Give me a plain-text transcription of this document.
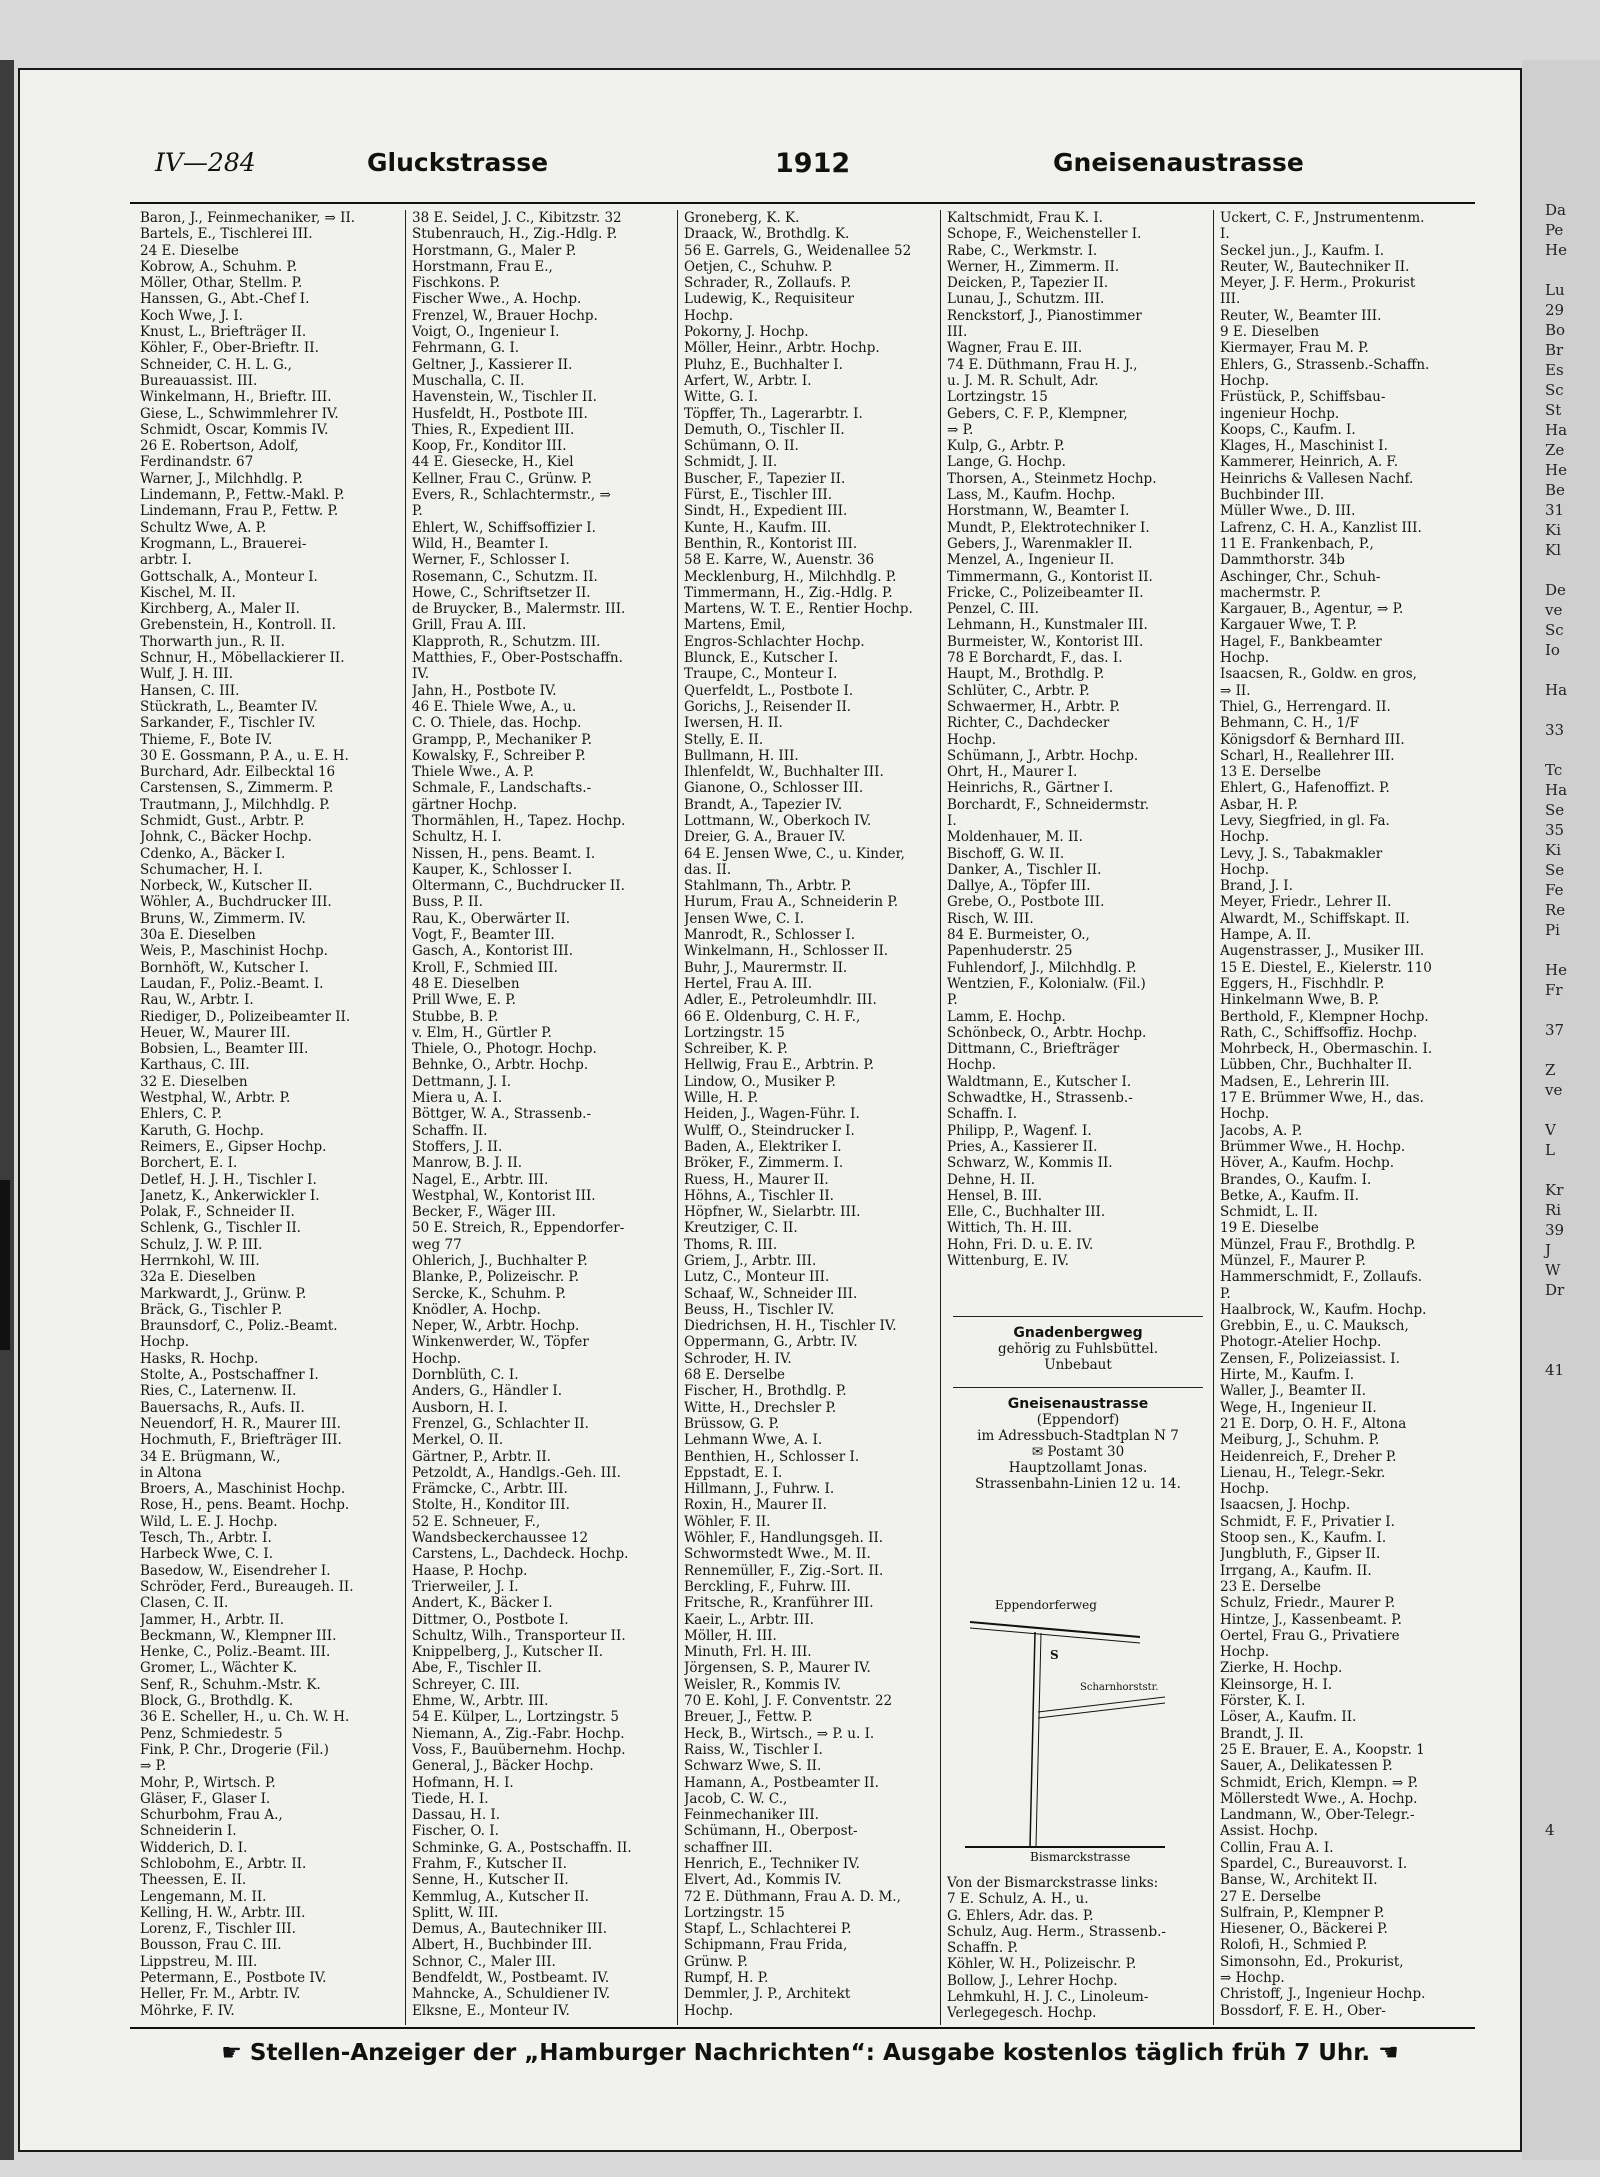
Da
Pe
He
Lu
29
Bo
Br
Es
Sc
St
Ha
Ze
He
Be
31
Ki
Kl
De
ve
Sc
Io
Ha
33
Tc
Ha
Se
35
Ki
Se
Fe
Re
Pi
He
Fr
37
Z
ve
V
L
Kr
Ri
39
J
W
Dr
41
4
IV—284	Gluckstrasse	1912	Gneisenaustrasse
Baron, J., Feinmechaniker, ⇒ II.
Bartels, E., Tischlerei III.
24 E. Dieselbe
Kobrow, A., Schuhm. P.
Möller, Othar, Stellm. P.
Hanssen, G., Abt.-Chef I.
Koch Wwe, J. I.
Knust, L., Briefträger II.
Köhler, F., Ober-Brieftr. II.
Schneider, C. H. L. G.,
Bureauassist. III.
Winkelmann, H., Brieftr. III.
Giese, L., Schwimmlehrer IV.
Schmidt, Oscar, Kommis IV.
26 E. Robertson, Adolf,
Ferdinandstr. 67
Warner, J., Milchhdlg. P.
Lindemann, P., Fettw.-Makl. P.
Lindemann, Frau P., Fettw. P.
Schultz Wwe, A. P.
Krogmann, L., Brauerei-
arbtr. I.
Gottschalk, A., Monteur I.
Kischel, M. II.
Kirchberg, A., Maler II.
Grebenstein, H., Kontroll. II.
Thorwarth jun., R. II.
Schnur, H., Möbellackierer II.
Wulf, J. H. III.
Hansen, C. III.
Stückrath, L., Beamter IV.
Sarkander, F., Tischler IV.
Thieme, F., Bote IV.
30 E. Gossmann, P. A., u. E. H.
Burchard, Adr. Eilbecktal 16
Carstensen, S., Zimmerm. P.
Trautmann, J., Milchhdlg. P.
Schmidt, Gust., Arbtr. P.
Johnk, C., Bäcker Hochp.
Cdenko, A., Bäcker I.
Schumacher, H. I.
Norbeck, W., Kutscher II.
Wöhler, A., Buchdrucker III.
Bruns, W., Zimmerm. IV.
30a E. Dieselben
Weis, P., Maschinist Hochp.
Bornhöft, W., Kutscher I.
Laudan, F., Poliz.-Beamt. I.
Rau, W., Arbtr. I.
Riediger, D., Polizeibeamter II.
Heuer, W., Maurer III.
Bobsien, L., Beamter III.
Karthaus, C. III.
32 E. Dieselben
Westphal, W., Arbtr. P.
Ehlers, C. P.
Karuth, G. Hochp.
Reimers, E., Gipser Hochp.
Borchert, E. I.
Detlef, H. J. H., Tischler I.
Janetz, K., Ankerwickler I.
Polak, F., Schneider II.
Schlenk, G., Tischler II.
Schulz, J. W. P. III.
Herrnkohl, W. III.
32a E. Dieselben
Markwardt, J., Grünw. P.
Bräck, G., Tischler P.
Braunsdorf, C., Poliz.-Beamt.
Hochp.
Hasks, R. Hochp.
Stolte, A., Postschaffner I.
Ries, C., Laternenw. II.
Bauersachs, R., Aufs. II.
Neuendorf, H. R., Maurer III.
Hochmuth, F., Briefträger III.
34 E. Brügmann, W.,
in Altona
Broers, A., Maschinist Hochp.
Rose, H., pens. Beamt. Hochp.
Wild, L. E. J. Hochp.
Tesch, Th., Arbtr. I.
Harbeck Wwe, C. I.
Basedow, W., Eisendreher I.
Schröder, Ferd., Bureaugeh. II.
Clasen, C. II.
Jammer, H., Arbtr. II.
Beckmann, W., Klempner III.
Henke, C., Poliz.-Beamt. III.
Gromer, L., Wächter K.
Senf, R., Schuhm.-Mstr. K.
Block, G., Brothdlg. K.
36 E. Scheller, H., u. Ch. W. H.
Penz, Schmiedestr. 5
Fink, P. Chr., Drogerie (Fil.)
⇒ P.
Mohr, P., Wirtsch. P.
Gläser, F., Glaser I.
Schurbohm, Frau A.,
Schneiderin I.
Widderich, D. I.
Schlobohm, E., Arbtr. II.
Theessen, E. II.
Lengemann, M. II.
Kelling, H. W., Arbtr. III.
Lorenz, F., Tischler III.
Bousson, Frau C. III.
Lippstreu, M. III.
Petermann, E., Postbote IV.
Heller, Fr. M., Arbtr. IV.
Möhrke, F. IV.
38 E. Seidel, J. C., Kibitzstr. 32
Stubenrauch, H., Zig.-Hdlg. P.
Horstmann, G., Maler P.
Horstmann, Frau E.,
Fischkons. P.
Fischer Wwe., A. Hochp.
Frenzel, W., Brauer Hochp.
Voigt, O., Ingenieur I.
Fehrmann, G. I.
Geltner, J., Kassierer II.
Muschalla, C. II.
Havenstein, W., Tischler II.
Husfeldt, H., Postbote III.
Thies, R., Expedient III.
Koop, Fr., Konditor III.
44 E. Giesecke, H., Kiel
Kellner, Frau C., Grünw. P.
Evers, R., Schlachtermstr., ⇒
P.
Ehlert, W., Schiffsoffizier I.
Wild, H., Beamter I.
Werner, F., Schlosser I.
Rosemann, C., Schutzm. II.
Howe, C., Schriftsetzer II.
de Bruycker, B., Malermstr. III.
Grill, Frau A. III.
Klapproth, R., Schutzm. III.
Matthies, F., Ober-Postschaffn.
IV.
Jahn, H., Postbote IV.
46 E. Thiele Wwe, A., u.
C. O. Thiele, das. Hochp.
Grampp, P., Mechaniker P.
Kowalsky, F., Schreiber P.
Thiele Wwe., A. P.
Schmale, F., Landschafts.-
gärtner Hochp.
Thormählen, H., Tapez. Hochp.
Schultz, H. I.
Nissen, H., pens. Beamt. I.
Kauper, K., Schlosser I.
Oltermann, C., Buchdrucker II.
Buss, P. II.
Rau, K., Oberwärter II.
Vogt, F., Beamter III.
Gasch, A., Kontorist III.
Kroll, F., Schmied III.
48 E. Dieselben
Prill Wwe, E. P.
Stubbe, B. P.
v. Elm, H., Gürtler P.
Thiele, O., Photogr. Hochp.
Behnke, O., Arbtr. Hochp.
Dettmann, J. I.
Miera u, A. I.
Böttger, W. A., Strassenb.-
Schaffn. II.
Stoffers, J. II.
Manrow, B. J. II.
Nagel, E., Arbtr. III.
Westphal, W., Kontorist III.
Becker, F., Wäger III.
50 E. Streich, R., Eppendorfer-
weg 77
Ohlerich, J., Buchhalter P.
Blanke, P., Polizeischr. P.
Sercke, K., Schuhm. P.
Knödler, A. Hochp.
Neper, W., Arbtr. Hochp.
Winkenwerder, W., Töpfer
Hochp.
Dornblüth, C. I.
Anders, G., Händler I.
Ausborn, H. I.
Frenzel, G., Schlachter II.
Merkel, O. II.
Gärtner, P., Arbtr. II.
Petzoldt, A., Handlgs.-Geh. III.
Främcke, C., Arbtr. III.
Stolte, H., Konditor III.
52 E. Schneuer, F.,
Wandsbeckerchaussee 12
Carstens, L., Dachdeck. Hochp.
Haase, P. Hochp.
Trierweiler, J. I.
Andert, K., Bäcker I.
Dittmer, O., Postbote I.
Schultz, Wilh., Transporteur II.
Knippelberg, J., Kutscher II.
Abe, F., Tischler II.
Schreyer, C. III.
Ehme, W., Arbtr. III.
54 E. Külper, L., Lortzingstr. 5
Niemann, A., Zig.-Fabr. Hochp.
Voss, F., Bauübernehm. Hochp.
General, J., Bäcker Hochp.
Hofmann, H. I.
Tiede, H. I.
Dassau, H. I.
Fischer, O. I.
Schminke, G. A., Postschaffn. II.
Frahm, F., Kutscher II.
Senne, H., Kutscher II.
Kemmlug, A., Kutscher II.
Splitt, W. III.
Demus, A., Bautechniker III.
Albert, H., Buchbinder III.
Schnor, C., Maler III.
Bendfeldt, W., Postbeamt. IV.
Mahncke, A., Schuldiener IV.
Elksne, E., Monteur IV.
Groneberg, K. K.
Draack, W., Brothdlg. K.
56 E. Garrels, G., Weidenallee 52
Oetjen, C., Schuhw. P.
Schrader, R., Zollaufs. P.
Ludewig, K., Requisiteur
Hochp.
Pokorny, J. Hochp.
Möller, Heinr., Arbtr. Hochp.
Pluhz, E., Buchhalter I.
Arfert, W., Arbtr. I.
Witte, G. I.
Töpffer, Th., Lagerarbtr. I.
Demuth, O., Tischler II.
Schümann, O. II.
Schmidt, J. II.
Buscher, F., Tapezier II.
Fürst, E., Tischler III.
Sindt, H., Expedient III.
Kunte, H., Kaufm. III.
Benthin, R., Kontorist III.
58 E. Karre, W., Auenstr. 36
Mecklenburg, H., Milchhdlg. P.
Timmermann, H., Zig.-Hdlg. P.
Martens, W. T. E., Rentier Hochp.
Martens, Emil,
Engros-Schlachter Hochp.
Blunck, E., Kutscher I.
Traupe, C., Monteur I.
Querfeldt, L., Postbote I.
Gorichs, J., Reisender II.
Iwersen, H. II.
Stelly, E. II.
Bullmann, H. III.
Ihlenfeldt, W., Buchhalter III.
Gianone, O., Schlosser III.
Brandt, A., Tapezier IV.
Lottmann, W., Oberkoch IV.
Dreier, G. A., Brauer IV.
64 E. Jensen Wwe, C., u. Kinder,
das. II.
Stahlmann, Th., Arbtr. P.
Hurum, Frau A., Schneiderin P.
Jensen Wwe, C. I.
Manrodt, R., Schlosser I.
Winkelmann, H., Schlosser II.
Buhr, J., Maurermstr. II.
Hertel, Frau A. III.
Adler, E., Petroleumhdlr. III.
66 E. Oldenburg, C. H. F.,
Lortzingstr. 15
Schreiber, K. P.
Hellwig, Frau E., Arbtrin. P.
Lindow, O., Musiker P.
Wille, H. P.
Heiden, J., Wagen-Führ. I.
Wulff, O., Steindrucker I.
Baden, A., Elektriker I.
Bröker, F., Zimmerm. I.
Ruess, H., Maurer II.
Höhns, A., Tischler II.
Höpfner, W., Sielarbtr. III.
Kreutziger, C. II.
Thoms, R. III.
Griem, J., Arbtr. III.
Lutz, C., Monteur III.
Schaaf, W., Schneider III.
Beuss, H., Tischler IV.
Diedrichsen, H. H., Tischler IV.
Oppermann, G., Arbtr. IV.
Schroder, H. IV.
68 E. Derselbe
Fischer, H., Brothdlg. P.
Witte, H., Drechsler P.
Brüssow, G. P.
Lehmann Wwe, A. I.
Benthien, H., Schlosser I.
Eppstadt, E. I.
Hillmann, J., Fuhrw. I.
Roxin, H., Maurer II.
Wöhler, F. II.
Wöhler, F., Handlungsgeh. II.
Schwormstedt Wwe., M. II.
Rennemüller, F., Zig.-Sort. II.
Berckling, F., Fuhrw. III.
Fritsche, R., Kranführer III.
Kaeir, L., Arbtr. III.
Möller, H. III.
Minuth, Frl. H. III.
Jörgensen, S. P., Maurer IV.
Weisler, R., Kommis IV.
70 E. Kohl, J. F. Conventstr. 22
Breuer, J., Fettw. P.
Heck, B., Wirtsch., ⇒ P. u. I.
Raiss, W., Tischler I.
Schwarz Wwe, S. II.
Hamann, A., Postbeamter II.
Jacob, C. W. C.,
Feinmechaniker III.
Schümann, H., Oberpost-
schaffner III.
Henrich, E., Techniker IV.
Elvert, Ad., Kommis IV.
72 E. Düthmann, Frau A. D. M.,
Lortzingstr. 15
Stapf, L., Schlachterei P.
Schipmann, Frau Frida,
Grünw. P.
Rumpf, H. P.
Demmler, J. P., Architekt
Hochp.
Kaltschmidt, Frau K. I.
Schope, F., Weichensteller I.
Rabe, C., Werkmstr. I.
Werner, H., Zimmerm. II.
Deicken, P., Tapezier II.
Lunau, J., Schutzm. III.
Renckstorf, J., Pianostimmer
III.
Wagner, Frau E. III.
74 E. Düthmann, Frau H. J.,
u. J. M. R. Schult, Adr.
Lortzingstr. 15
Gebers, C. F. P., Klempner,
⇒ P.
Kulp, G., Arbtr. P.
Lange, G. Hochp.
Thorsen, A., Steinmetz Hochp.
Lass, M., Kaufm. Hochp.
Horstmann, W., Beamter I.
Mundt, P., Elektrotechniker I.
Gebers, J., Warenmakler II.
Menzel, A., Ingenieur II.
Timmermann, G., Kontorist II.
Fricke, C., Polizeibeamter II.
Penzel, C. III.
Lehmann, H., Kunstmaler III.
Burmeister, W., Kontorist III.
78 E Borchardt, F., das. I.
Haupt, M., Brothdlg. P.
Schlüter, C., Arbtr. P.
Schwaermer, H., Arbtr. P.
Richter, C., Dachdecker
Hochp.
Schümann, J., Arbtr. Hochp.
Ohrt, H., Maurer I.
Heinrichs, R., Gärtner I.
Borchardt, F., Schneidermstr.
I.
Moldenhauer, M. II.
Bischoff, G. W. II.
Danker, A., Tischler II.
Dallye, A., Töpfer III.
Grebe, O., Postbote III.
Risch, W. III.
84 E. Burmeister, O.,
Papenhuderstr. 25
Fuhlendorf, J., Milchhdlg. P.
Wentzien, F., Kolonialw. (Fil.)
P.
Lamm, E. Hochp.
Schönbeck, O., Arbtr. Hochp.
Dittmann, C., Briefträger
Hochp.
Waldtmann, E., Kutscher I.
Schwadtke, H., Strassenb.-
Schaffn. I.
Philipp, P., Wagenf. I.
Pries, A., Kassierer II.
Schwarz, W., Kommis II.
Dehne, H. II.
Hensel, B. III.
Elle, C., Buchhalter III.
Wittich, Th. H. III.
Hohn, Fri. D. u. E. IV.
Wittenburg, E. IV.
Uckert, C. F., Jnstrumentenm.
I.
Seckel jun., J., Kaufm. I.
Reuter, W., Bautechniker II.
Meyer, J. F. Herm., Prokurist
III.
Reuter, W., Beamter III.
9 E. Dieselben
Kiermayer, Frau M. P.
Ehlers, G., Strassenb.-Schaffn.
Hochp.
Früstück, P., Schiffsbau-
ingenieur Hochp.
Koops, C., Kaufm. I.
Klages, H., Maschinist I.
Kammerer, Heinrich, A. F.
Heinrichs & Vallesen Nachf.
Buchbinder III.
Müller Wwe., D. III.
Lafrenz, C. H. A., Kanzlist III.
11 E. Frankenbach, P.,
Dammthorstr. 34b
Aschinger, Chr., Schuh-
machermstr. P.
Kargauer, B., Agentur, ⇒ P.
Kargauer Wwe, T. P.
Hagel, F., Bankbeamter
Hochp.
Isaacsen, R., Goldw. en gros,
⇒ II.
Thiel, G., Herrengard. II.
Behmann, C. H., 1/F
Königsdorf & Bernhard III.
Scharl, H., Reallehrer III.
13 E. Derselbe
Ehlert, G., Hafenoffizt. P.
Asbar, H. P.
Levy, Siegfried, in gl. Fa.
Hochp.
Levy, J. S., Tabakmakler
Hochp.
Brand, J. I.
Meyer, Friedr., Lehrer II.
Alwardt, M., Schiffskapt. II.
Hampe, A. II.
Augenstrasser, J., Musiker III.
15 E. Diestel, E., Kielerstr. 110
Eggers, H., Fischhdlr. P.
Hinkelmann Wwe, B. P.
Berthold, F., Klempner Hochp.
Rath, C., Schiffsoffiz. Hochp.
Mohrbeck, H., Obermaschin. I.
Lübben, Chr., Buchhalter II.
Madsen, E., Lehrerin III.
17 E. Brümmer Wwe, H., das.
Hochp.
Jacobs, A. P.
Brümmer Wwe., H. Hochp.
Höver, A., Kaufm. Hochp.
Brandes, O., Kaufm. I.
Betke, A., Kaufm. II.
Schmidt, L. II.
19 E. Dieselbe
Münzel, Frau F., Brothdlg. P.
Münzel, F., Maurer P.
Hammerschmidt, F., Zollaufs.
P.
Haalbrock, W., Kaufm. Hochp.
Grebbin, E., u. C. Mauksch,
Photogr.-Atelier Hochp.
Zensen, F., Polizeiassist. I.
Hirte, M., Kaufm. I.
Waller, J., Beamter II.
Wege, H., Ingenieur II.
21 E. Dorp, O. H. F., Altona
Meiburg, J., Schuhm. P.
Heidenreich, F., Dreher P.
Lienau, H., Telegr.-Sekr.
Hochp.
Isaacsen, J. Hochp.
Schmidt, F. F., Privatier I.
Stoop sen., K., Kaufm. I.
Jungbluth, F., Gipser II.
Irrgang, A., Kaufm. II.
23 E. Derselbe
Schulz, Friedr., Maurer P.
Hintze, J., Kassenbeamt. P.
Oertel, Frau G., Privatiere
Hochp.
Zierke, H. Hochp.
Kleinsorge, H. I.
Förster, K. I.
Löser, A., Kaufm. II.
Brandt, J. II.
25 E. Brauer, E. A., Koopstr. 1
Sauer, A., Delikatessen P.
Schmidt, Erich, Klempn. ⇒ P.
Möllerstedt Wwe., A. Hochp.
Landmann, W., Ober-Telegr.-
Assist. Hochp.
Collin, Frau A. I.
Spardel, C., Bureauvorst. I.
Banse, W., Architekt II.
27 E. Derselbe
Sulfrain, P., Klempner P.
Hiesener, O., Bäckerei P.
Rolofi, H., Schmied P.
Simonsohn, Ed., Prokurist,
⇒ Hochp.
Christoff, J., Ingenieur Hochp.
Bossdorf, F. E. H., Ober-
Gnadenbergweg
gehörig zu Fuhlsbüttel.
Unbebaut
Gneisenaustrasse
(Eppendorf)
im Adressbuch-Stadtplan N 7
✉ Postamt 30
Hauptzollamt Jonas.
Strassenbahn-Linien 12 u. 14.
Eppendorferweg
Scharnhorststr.
S
Bismarckstrasse
Von der Bismarckstrasse links:
7 E. Schulz, A. H., u.
G. Ehlers, Adr. das. P.
Schulz, Aug. Herm., Strassenb.-
Schaffn. P.
Köhler, W. H., Polizeischr. P.
Bollow, J., Lehrer Hochp.
Lehmkuhl, H. J. C., Linoleum-
Verlegegesch. Hochp.
☛ Stellen-Anzeiger der „Hamburger Nachrichten“: Ausgabe kostenlos täglich früh 7 Uhr. ☚
